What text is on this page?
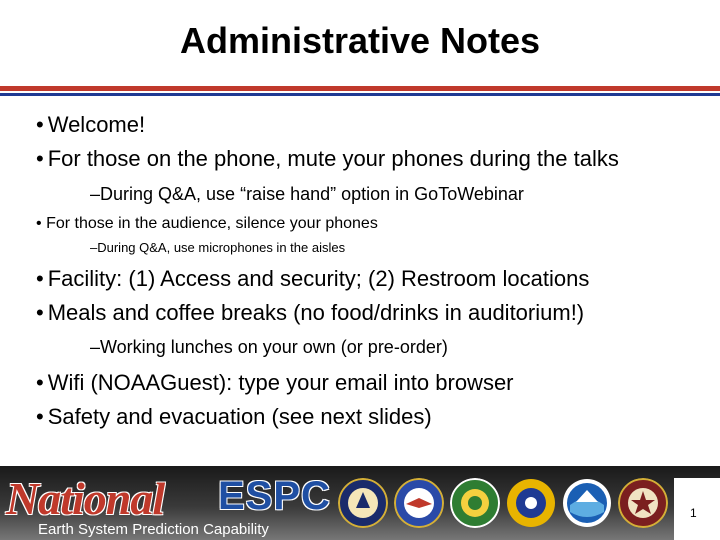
Administrative Notes
• Welcome!
• For those on the phone, mute your phones during the talks
–During Q&A, use “raise hand” option in GoToWebinar
• For those in the audience, silence your phones
–During Q&A, use microphones in the aisles
• Facility: (1) Access and security; (2) Restroom locations
• Meals and coffee breaks (no food/drinks in auditorium!)
–Working lunches on your own (or pre-order)
• Wifi (NOAAGuest): type your email into browser
• Safety and evacuation (see next slides)
National ESPC
Earth System Prediction Capability
1
